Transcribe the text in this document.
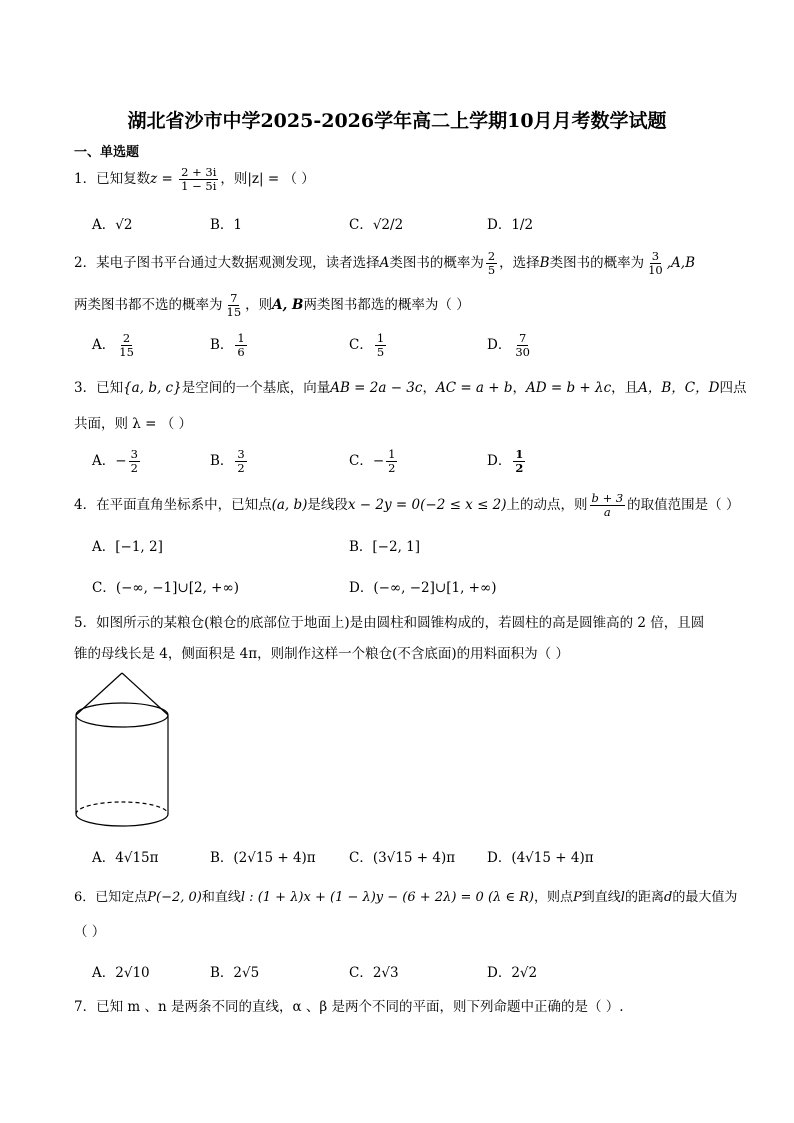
湖北省沙市中学2025-2026学年高二上学期10月月考数学试题
一、单选题
1．已知复数$z = \frac{2 + 3i}{1 - 5i}$ ，则|z| = （ ）
A．√2	B．1	C．√2/2	D．1/2
2．某电子图书平台通过大数据观测发现，读者选择A类图书的概率为 $\frac{2}{5}$ ，选择B类图书的概率为 $\frac{3}{10} ,A,B$
两类图书都不选的概率为 $\frac{7}{15}$ ，则A, B两类图书都选的概率为（ ）
A． $\frac{2}{15}$	B． $\frac{1}{6}$	C． $\frac{1}{5}$	D． $\frac{7}{30}$
3．已知{a, b, c}是空间的一个基底，向量AB = 2a − 3c，AC = a + b，AD = b + λc，且A，B，C，D四点
共面，则 λ = （ ）
A．− $\frac{3}{2}$	B． $\frac{3}{2}$	C．− $\frac{1}{2}$	D． $\frac{1}{2}$
4．在平面直角坐标系中，已知点(a, b)是线段x − 2y = 0(−2 ≤ x ≤ 2)上的动点，则 $\frac{b + 3}{a}$ 的取值范围是（ ）
A．[−1, 2]	B．[−2, 1]
C．(−∞, −1]∪[2, +∞)	D．(−∞, −2]∪[1, +∞)
5．如图所示的某粮仓(粮仓的底部位于地面上)是由圆柱和圆锥构成的，若圆柱的高是圆锥高的 2 倍，且圆
锥的母线长是 4，侧面积是 4π，则制作这样一个粮仓(不含底面)的用料面积为（ ）
A．4√15π	B．(2√15 + 4)π C．(3√15 + 4)π D．(4√15 + 4)π
6．已知定点P(−2, 0)和直线l : (1 + λ)x + (1 − λ)y − (6 + 2λ) = 0 (λ ∈ R)，则点P到直线l的距离d的最大值为
（ ）
A．2√10	B．2√5	C．2√3	D．2√2
7．已知 m 、n 是两条不同的直线，α 、β 是两个不同的平面，则下列命题中正确的是（ ）.
